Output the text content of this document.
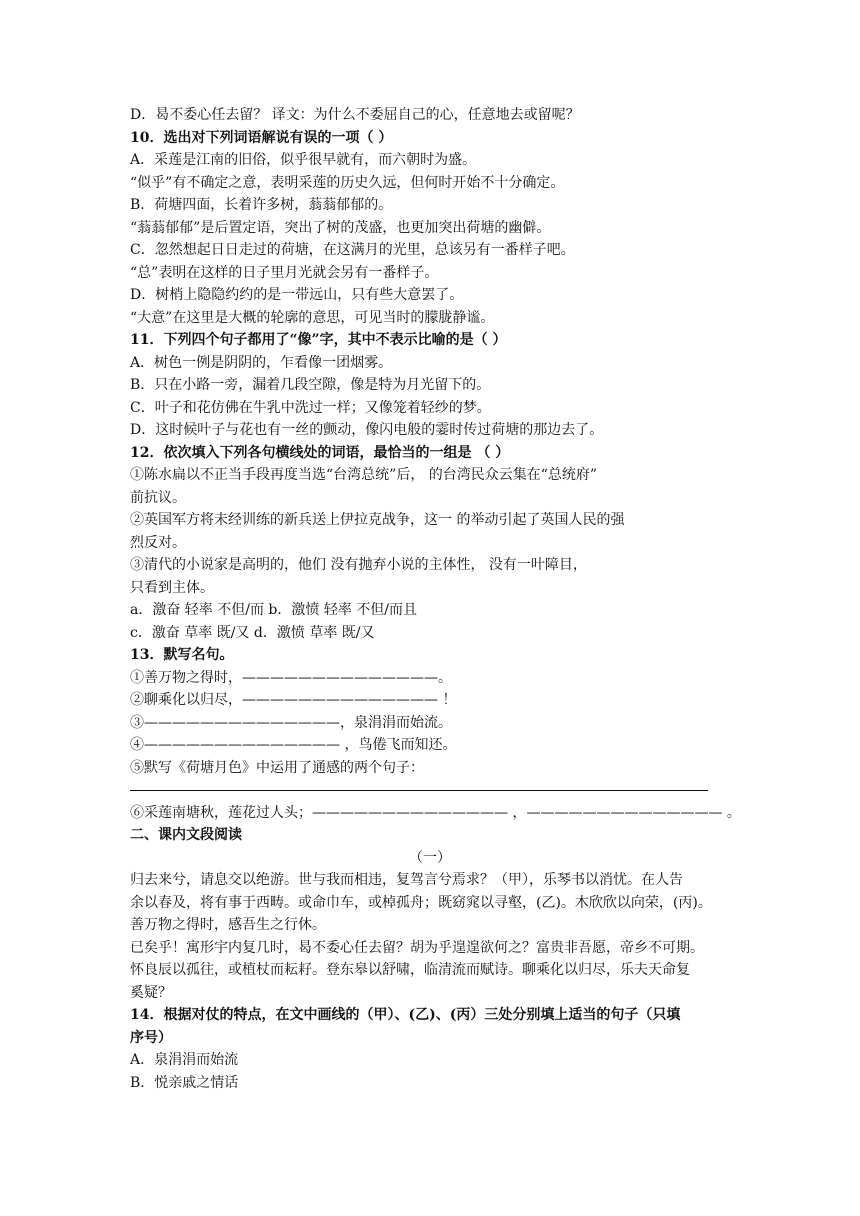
D．曷不委心任去留？ 译文：为什么不委屈自己的心，任意地去或留呢？
10．选出对下列词语解说有误的一项（ ）
A．采莲是江南的旧俗，似乎很早就有，而六朝时为盛。
“似乎”有不确定之意，表明采莲的历史久远，但何时开始不十分确定。
B．荷塘四面，长着许多树，蓊蓊郁郁的。
“蓊蓊郁郁”是后置定语，突出了树的茂盛，也更加突出荷塘的幽僻。
C．忽然想起日日走过的荷塘，在这满月的光里，总该另有一番样子吧。
“总”表明在这样的日子里月光就会另有一番样子。
D．树梢上隐隐约约的是一带远山，只有些大意罢了。
“大意”在这里是大概的轮廓的意思，可见当时的朦胧静谧。
11．下列四个句子都用了“像”字，其中不表示比喻的是（ ）
A．树色一例是阴阴的，乍看像一团烟雾。
B．只在小路一旁，漏着几段空隙，像是特为月光留下的。
C．叶子和花仿佛在牛乳中洗过一样；又像笼着轻纱的梦。
D．这时候叶子与花也有一丝的颤动，像闪电般的霎时传过荷塘的那边去了。
12．依次填入下列各句横线处的词语，最恰当的一组是 （ ）
①陈水扁以不正当手段再度当选“台湾总统”后， 的台湾民众云集在“总统府”
前抗议。
②英国军方将未经训练的新兵送上伊拉克战争，这一 的举动引起了英国人民的强
烈反对。
③清代的小说家是高明的，他们 没有抛弃小说的主体性， 没有一叶障目，
只看到主体。
a．激奋 轻率 不但/而 b．激愤 轻率 不但/而且
c．激奋 草率 既/又 d．激愤 草率 既/又
13．默写名句。
①善万物之得时，——————————————。
②聊乘化以归尽，—————————————— ！
③——————————————，泉涓涓而始流。
④—————————————— ，鸟倦飞而知还。
⑤默写《荷塘月色》中运用了通感的两个句子：
⑥采莲南塘秋，莲花过人头；—————————————— ，—————————————— 。
二、课内文段阅读
（一）
归去来兮，请息交以绝游。世与我而相违，复驾言兮焉求？（甲），乐琴书以消忧。在人告
余以春及，将有事于西畴。或命巾车，或棹孤舟；既窈窕以寻壑，(乙)。木欣欣以向荣，(丙)。
善万物之得时，感吾生之行休。
已矣乎！寓形宇内复几时，曷不委心任去留？胡为乎遑遑欲何之？富贵非吾愿，帝乡不可期。
怀良辰以孤往，或植杖而耘耔。登东皋以舒啸，临清流而赋诗。聊乘化以归尽，乐夫天命复
奚疑？
14．根据对仗的特点，在文中画线的（甲）、(乙)、(丙）三处分别填上适当的句子（只填
序号）
A．泉涓涓而始流
B．悦亲戚之情话
